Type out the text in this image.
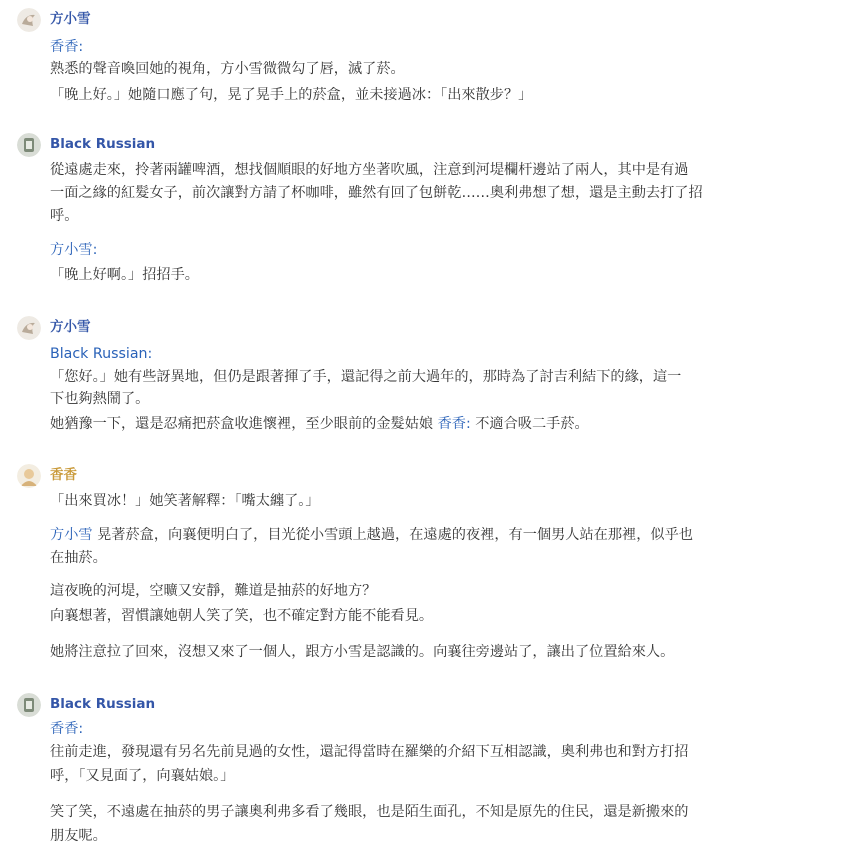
方小雪
香香:
熟悉的聲音喚回她的視角，方小雪微微勾了唇，滅了菸。
「晚上好。」她隨口應了句，晃了晃手上的菸盒，並未接過冰：「出來散步？」
Black Russian
從遠處走來，拎著兩罐啤酒，想找個順眼的好地方坐著吹風，注意到河堤欄杆邊站了兩人，其中是有過
一面之緣的紅髮女子，前次讓對方請了杯咖啡，雖然有回了包餅乾……奧利弗想了想，還是主動去打了招
呼。
方小雪:
「晚上好啊。」招招手。
方小雪
Black Russian:
「您好。」她有些訝異地，但仍是跟著揮了手，還記得之前大過年的，那時為了討吉利結下的緣，這一
下也夠熱鬧了。
她猶豫一下，還是忍痛把菸盒收進懷裡，至少眼前的金髮姑娘 香香: 不適合吸二手菸。
香香
「出來買冰！」她笑著解釋：「嘴太纏了。」
方小雪 晃著菸盒，向襄便明白了，目光從小雪頭上越過，在遠處的夜裡，有一個男人站在那裡，似乎也
在抽菸。
這夜晚的河堤，空曠又安靜，難道是抽菸的好地方？
向襄想著，習慣讓她朝人笑了笑，也不確定對方能不能看見。
她將注意拉了回來，沒想又來了一個人，跟方小雪是認識的。向襄往旁邊站了，讓出了位置給來人。
Black Russian
香香:
往前走進，發現還有另名先前見過的女性，還記得當時在羅樂的介紹下互相認識，奧利弗也和對方打招
呼，「又見面了，向襄姑娘。」
笑了笑，不遠處在抽菸的男子讓奧利弗多看了幾眼，也是陌生面孔，不知是原先的住民，還是新搬來的
朋友呢。
